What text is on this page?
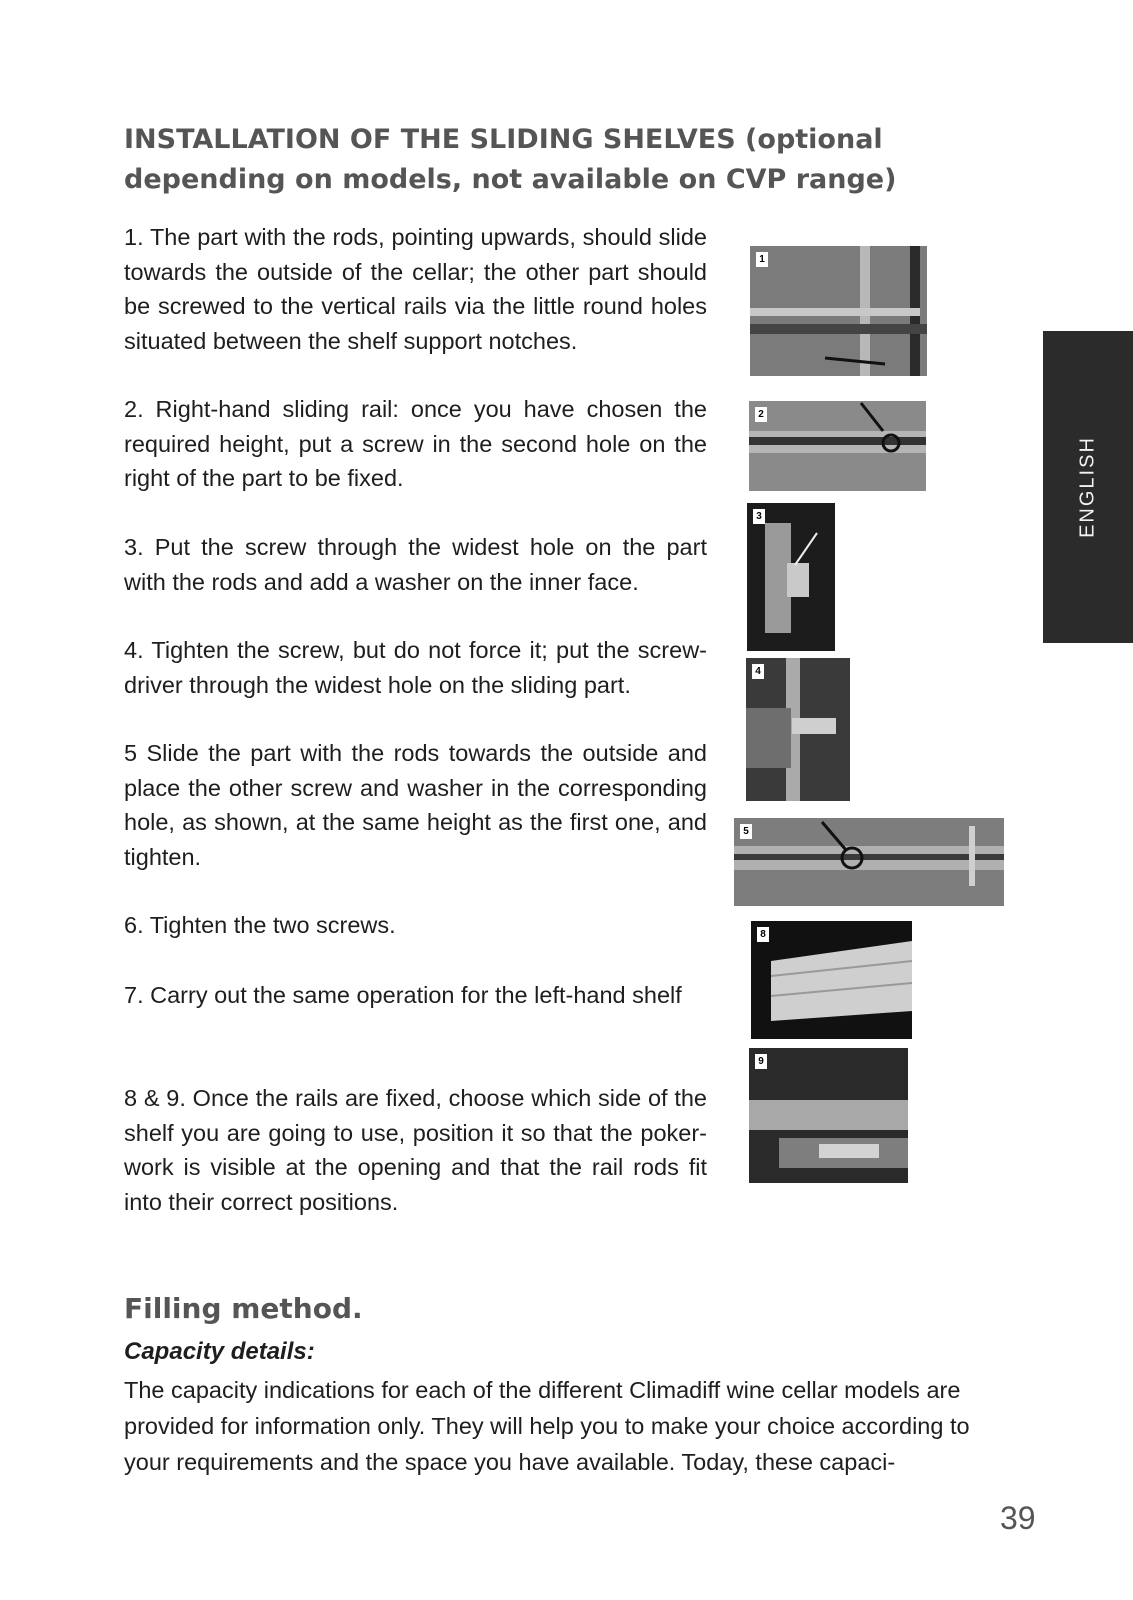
INSTALLATION OF THE SLIDING SHELVES (optional depending on models, not available on CVP range)
ENGLISH

1. The part with the rods, pointing upwards, should slide towards the outside of the cellar; the other part should be screwed to the vertical rails via the little round holes situated between the shelf support notches.

2. Right-hand sliding rail: once you have chosen the required height, put a screw in the second hole on the right of the part to be fixed.

3. Put the screw through the widest hole on the part with the rods and add a washer on the inner face.

4. Tighten the screw, but do not force it; put the screw-driver through the widest hole on the sliding part.

5 Slide the part with the rods towards the outside and place the other screw and washer in the corresponding hole, as shown, at the same height as the first one, and tighten.

6. Tighten the two screws.

7. Carry out the same operation for the left-hand shelf

8 & 9. Once the rails are fixed, choose which side of the shelf you are going to use, position it so that the poker-work is visible at the opening and that the rail rods fit into their correct positions.

1
2
3
4
5
8
9
Filling method.
Capacity details:

The capacity indications for each of the different Climadiff wine cellar models are provided for information only. They will help you to make your choice according to your requirements and the space you have available. Today, these capaci-

39
